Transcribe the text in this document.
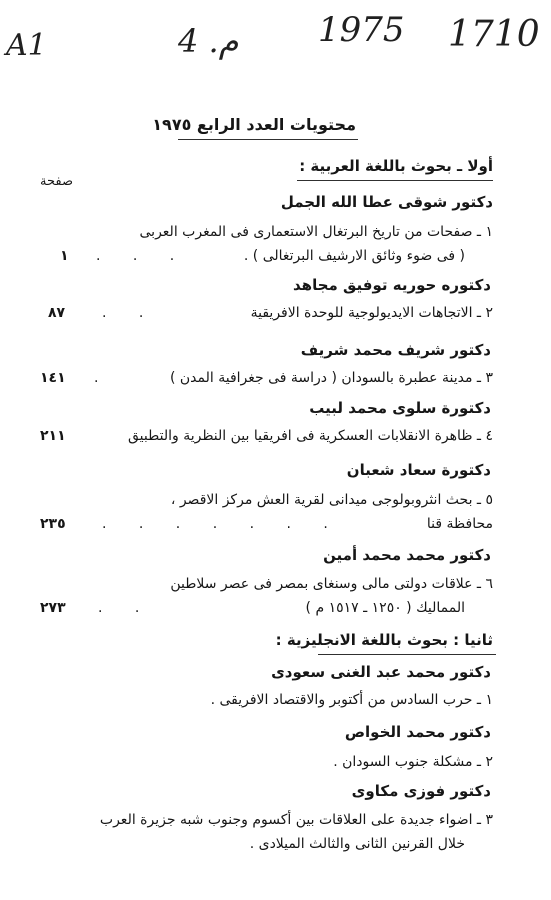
A1	4 .م 1975 1710
محتويات العدد الرابع ١٩٧٥
أولا ـ بحوث باللغة العربية :
صفحة
دكتور شوقى عطا الله الجمل
١ ـ صفحات من تاريخ البرتغال الاستعمارى فى المغرب العربى
( فى ضوء وثائق الارشيف البرتغالى ) .
. . .
١
دكتوره حوريه توفيق مجاهد
٢ ـ الاتجاهات الايديولوجية للوحدة الافريقية
. .
٨٧
دكتور شريف محمد شريف
٣ ـ مدينة عطبرة بالسودان ( دراسة فى جغرافية المدن )
.
١٤١
دكتورة سلوى محمد لبيب
٤ ـ ظاهرة الانقلابات العسكرية فى افريقيا بين النظرية والتطبيق
٢١١
دكتورة سعاد شعبان
٥ ـ بحث انثروبولوجى ميدانى لقرية العش مركز الاقصر ،
محافظة قنا
. . . . . . .
٢٣٥
دكتور محمد محمد أمين
٦ ـ علاقات دولتى مالى وسنغاى بمصر فى عصر سلاطين
المماليك ( ١٢٥٠ ـ ١٥١٧ م )
. .
٢٧٣
ثانيا : بحوث باللغة الانجليزية :
دكتور محمد عبد الغنى سعودى
١ ـ حرب السادس من أكتوبر والاقتصاد الافريقى .
دكتور محمد الخواص
٢ ـ مشكلة جنوب السودان .
دكتور فوزى مكاوى
٣ ـ اضواء جديدة على العلاقات بين أكسوم وجنوب شبه جزيرة العرب
خلال القرنين الثانى والثالث الميلادى .
